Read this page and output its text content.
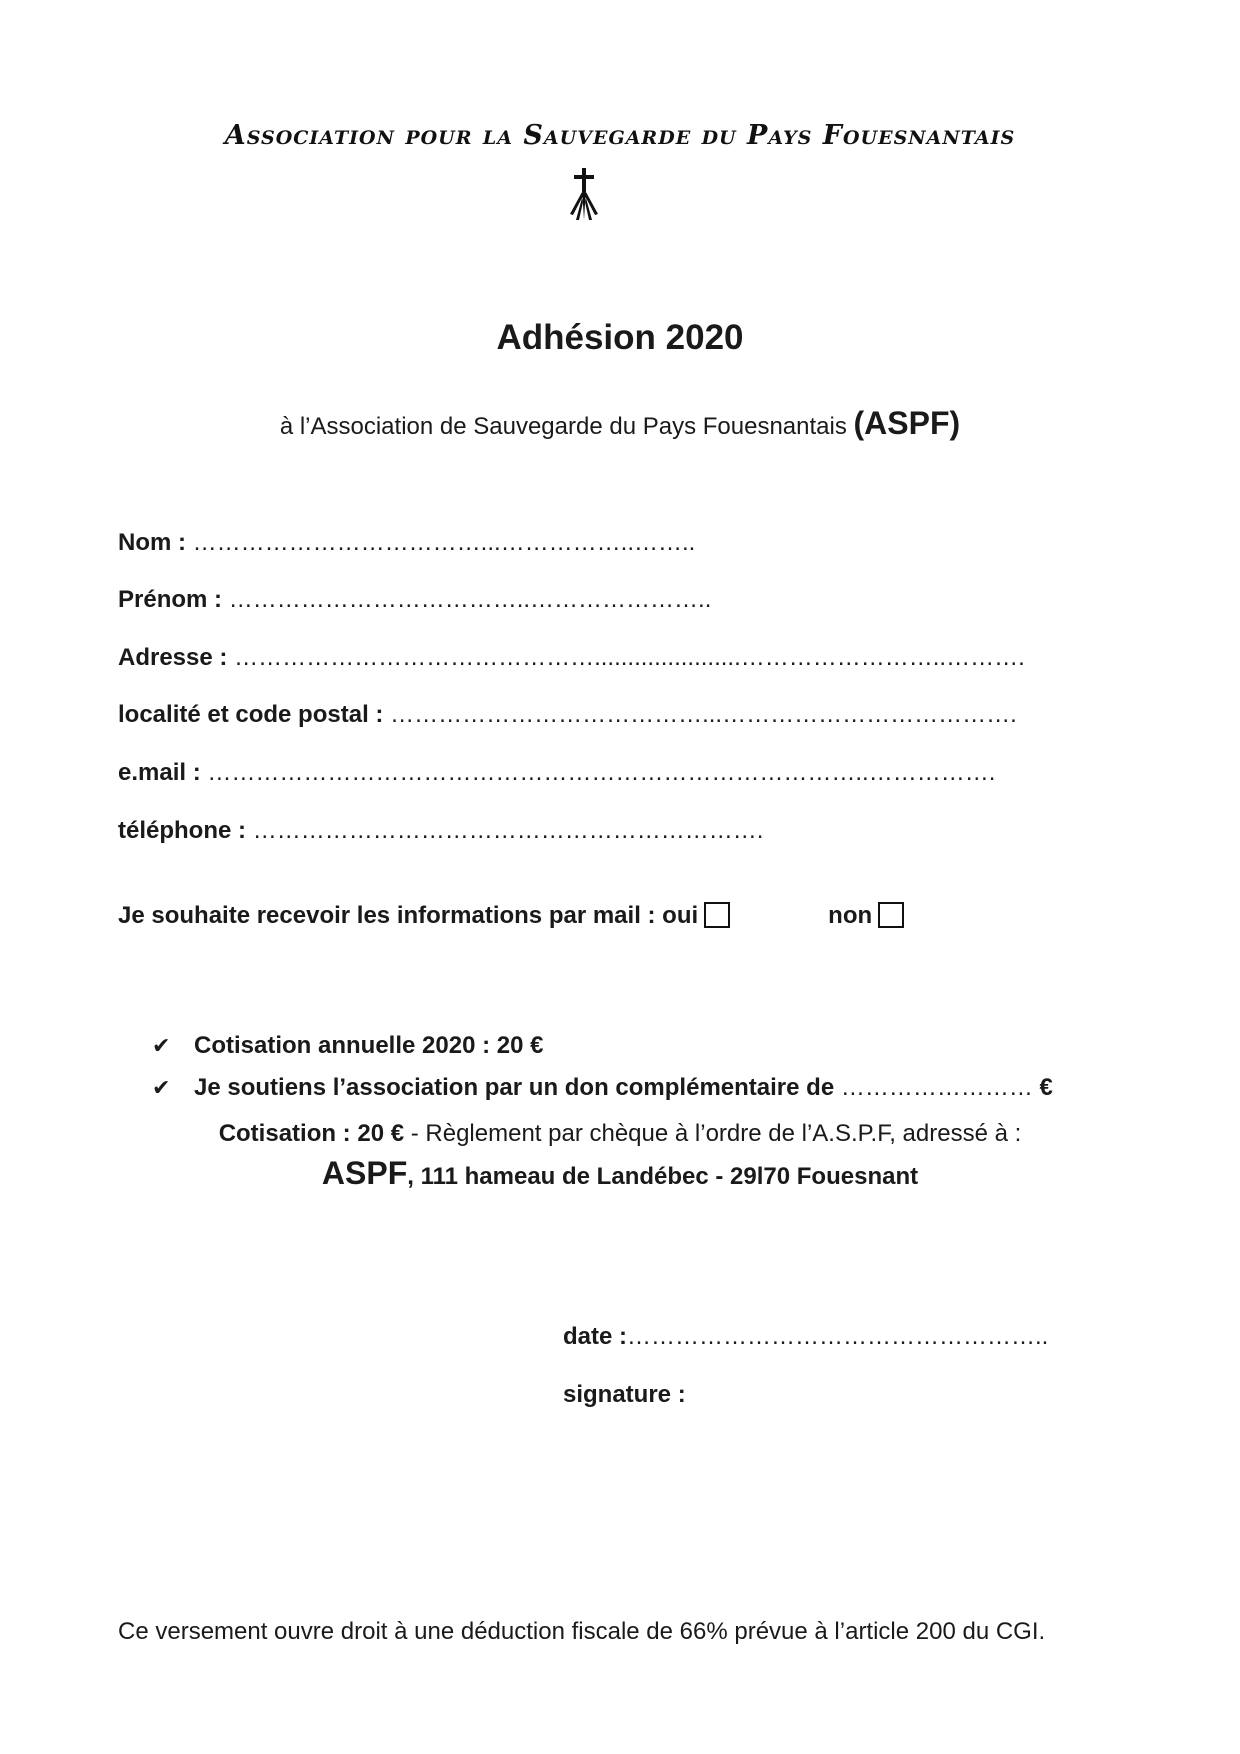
Association pour la Sauvegarde du Pays Fouesnantais
Adhésion 2020
à l’Association de Sauvegarde du Pays Fouesnantais (ASPF)
Nom : ………………………………...……………..……..
Prénom : ………………………………..…………………..
Adresse : ………………………………………......................……………………..……….
localité et code postal : …………………………………...……………………………….
e.mail : ………………………………………………………………………..…………….
téléphone : ……………………………………………………….
Je souhaite recevoir les informations par mail : oui	non
✔ Cotisation annuelle 2020 : 20 €
✔ Je soutiens l’association par un don complémentaire de …………………… €
Cotisation : 20 € - Règlement par chèque à l’ordre de l’A.S.P.F, adressé à :
ASPF, 111 hameau de Landébec - 29l70 Fouesnant
date :……………………………………………..
signature :
Ce versement ouvre droit à une déduction fiscale de 66% prévue à l’article 200 du CGI.
